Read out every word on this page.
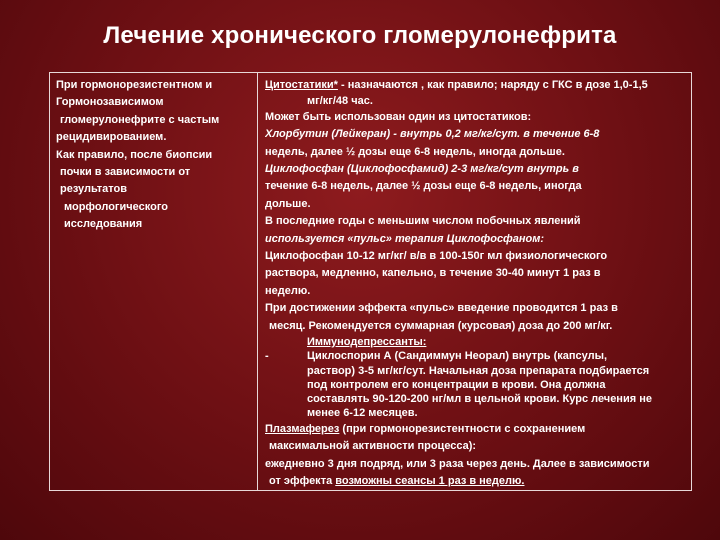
Лечение хронического гломерулонефрита
При гормонорезистентном и
Гормонозависимом
гломерулонефрите с частым
рецидивированием.
Как правило, после биопсии
почки в зависимости от
результатов
морфологического
исследования
Цитостатики* - назначаются , как правило; наряду с ГКС в дозе 1,0-1,5
мг/кг/48 час.
Может быть использован один из цитостатиков:
Хлорбутин (Лейкеран) - внутрь 0,2 мг/кг/сут. в течение 6-8
недель, далее ½ дозы еще 6-8 недель, иногда дольше.
Циклофосфан (Циклофосфамид) 2-3 мг/кг/сут внутрь в
течение 6-8 недель, далее ½ дозы еще 6-8 недель, иногда
дольше.
В последние годы с меньшим числом побочных явлений
используется «пульс» терапия Циклофосфаном:
Циклофосфан 10-12 мг/кг/ в/в в 100-150г мл физиологического
раствора, медленно, капельно, в течение 30-40 минут 1 раз в
неделю.
При достижении эффекта «пульс» введение проводится 1 раз в
месяц. Рекомендуется суммарная (курсовая) доза до 200 мг/кг.
Иммунодепрессанты:
-	Циклоспорин А (Сандиммун Неорал) внутрь (капсулы,
раствор) 3-5 мг/кг/сут. Начальная доза препарата подбирается
под контролем его концентрации в крови. Она должна
составлять 90-120-200 нг/мл в цельной крови. Курс лечения не
менее 6-12 месяцев.
Плазмаферез (при гормонорезистентности с сохранением
максимальной активности процесса):
ежедневно 3 дня подряд, или 3 раза через день. Далее в зависимости
от эффекта возможны сеансы 1 раз в неделю.
